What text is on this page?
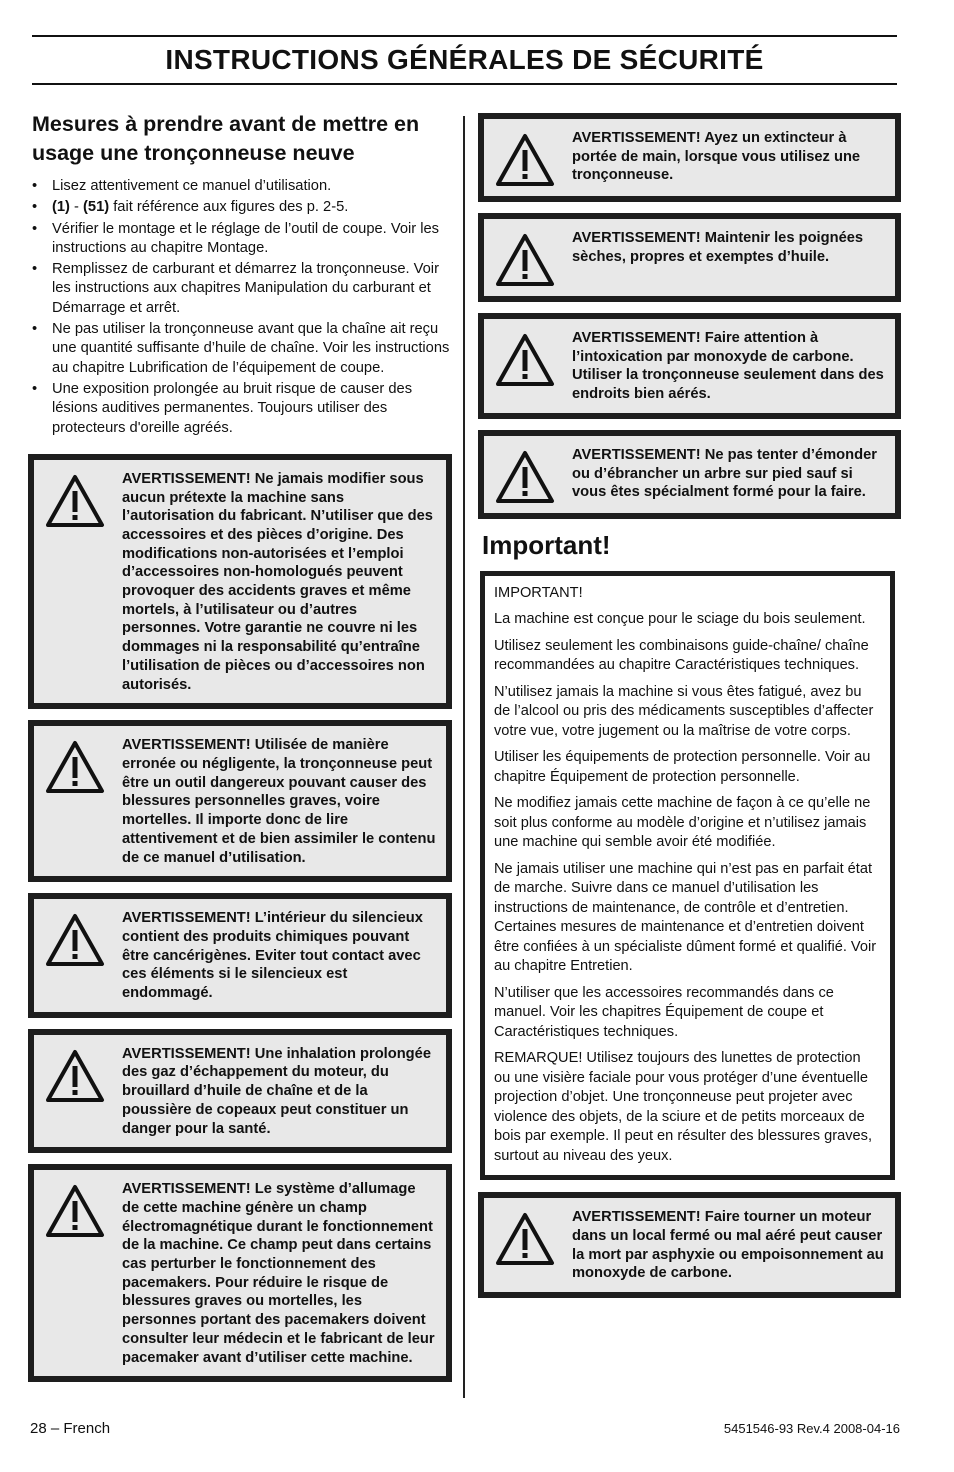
INSTRUCTIONS GÉNÉRALES DE SÉCURITÉ
Mesures à prendre avant de mettre en usage une tronçonneuse neuve
• Lisez attentivement ce manuel d’utilisation.
• (1) - (51) fait référence aux figures des p. 2-5.
• Vérifier le montage et le réglage de l’outil de coupe. Voir les instructions au chapitre Montage.
• Remplissez de carburant et démarrez la tronçonneuse. Voir les instructions aux chapitres Manipulation du carburant et Démarrage et arrêt.
• Ne pas utiliser la tronçonneuse avant que la chaîne ait reçu une quantité suffisante d’huile de chaîne. Voir les instructions au chapitre Lubrification de l’équipement de coupe.
• Une exposition prolongée au bruit risque de causer des lésions auditives permanentes. Toujours utiliser des protecteurs d'oreille agréés.
AVERTISSEMENT! Ne jamais modifier sous aucun prétexte la machine sans l’autorisation du fabricant. N’utiliser que des accessoires et des pièces d’origine. Des modifications non-autorisées et l’emploi d’accessoires non-homologués peuvent provoquer des accidents graves et même mortels, à l’utilisateur ou d’autres personnes. Votre garantie ne couvre ni les dommages ni la responsabilité qu’entraîne l’utilisation de pièces ou d’accessoires non autorisés.
AVERTISSEMENT! Utilisée de manière erronée ou négligente, la tronçonneuse peut être un outil dangereux pouvant causer des blessures personnelles graves, voire mortelles. Il importe donc de lire attentivement et de bien assimiler le contenu de ce manuel d’utilisation.
AVERTISSEMENT! L’intérieur du silencieux contient des produits chimiques pouvant être cancérigènes. Eviter tout contact avec ces éléments si le silencieux est endommagé.
AVERTISSEMENT! Une inhalation prolongée des gaz d’échappement du moteur, du brouillard d’huile de chaîne et de la poussière de copeaux peut constituer un danger pour la santé.
AVERTISSEMENT! Le système d’allumage de cette machine génère un champ électromagnétique durant le fonctionnement de la machine. Ce champ peut dans certains cas perturber le fonctionnement des pacemakers. Pour réduire le risque de blessures graves ou mortelles, les personnes portant des pacemakers doivent consulter leur médecin et le fabricant de leur pacemaker avant d’utiliser cette machine.
AVERTISSEMENT! Ayez un extincteur à portée de main, lorsque vous utilisez une tronçonneuse.
AVERTISSEMENT! Maintenir les poignées sèches, propres et exemptes d’huile.
AVERTISSEMENT! Faire attention à l’intoxication par monoxyde de carbone. Utiliser la tronçonneuse seulement dans des endroits bien aérés.
AVERTISSEMENT! Ne pas tenter d’émonder ou d’ébrancher un arbre sur pied sauf si vous êtes spécialment formé pour la faire.
Important!

IMPORTANT!

La machine est conçue pour le sciage du bois seulement.

Utilisez seulement les combinaisons guide-chaîne/ chaîne recommandées au chapitre Caractéristiques techniques.

N’utilisez jamais la machine si vous êtes fatigué, avez bu de l’alcool ou pris des médicaments susceptibles d’affecter votre vue, votre jugement ou la maîtrise de votre corps.

Utiliser les équipements de protection personnelle. Voir au chapitre Équipement de protection personnelle.

Ne modifiez jamais cette machine de façon à ce qu’elle ne soit plus conforme au modèle d’origine et n’utilisez jamais une machine qui semble avoir été modifiée.

Ne jamais utiliser une machine qui n’est pas en parfait état de marche. Suivre dans ce manuel d’utilisation les instructions de maintenance, de contrôle et d’entretien. Certaines mesures de maintenance et d’entretien doivent être confiées à un spécialiste dûment formé et qualifié. Voir au chapitre Entretien.

N’utiliser que les accessoires recommandés dans ce manuel. Voir les chapitres Équipement de coupe et Caractéristiques techniques.

REMARQUE! Utilisez toujours des lunettes de protection ou une visière faciale pour vous protéger d’une éventuelle projection d’objet. Une tronçonneuse peut projeter avec violence des objets, de la sciure et de petits morceaux de bois par exemple. Il peut en résulter des blessures graves, surtout au niveau des yeux.

AVERTISSEMENT! Faire tourner un moteur dans un local fermé ou mal aéré peut causer la mort par asphyxie ou empoisonnement au monoxyde de carbone.
28 – French	5451546-93 Rev.4 2008-04-16
